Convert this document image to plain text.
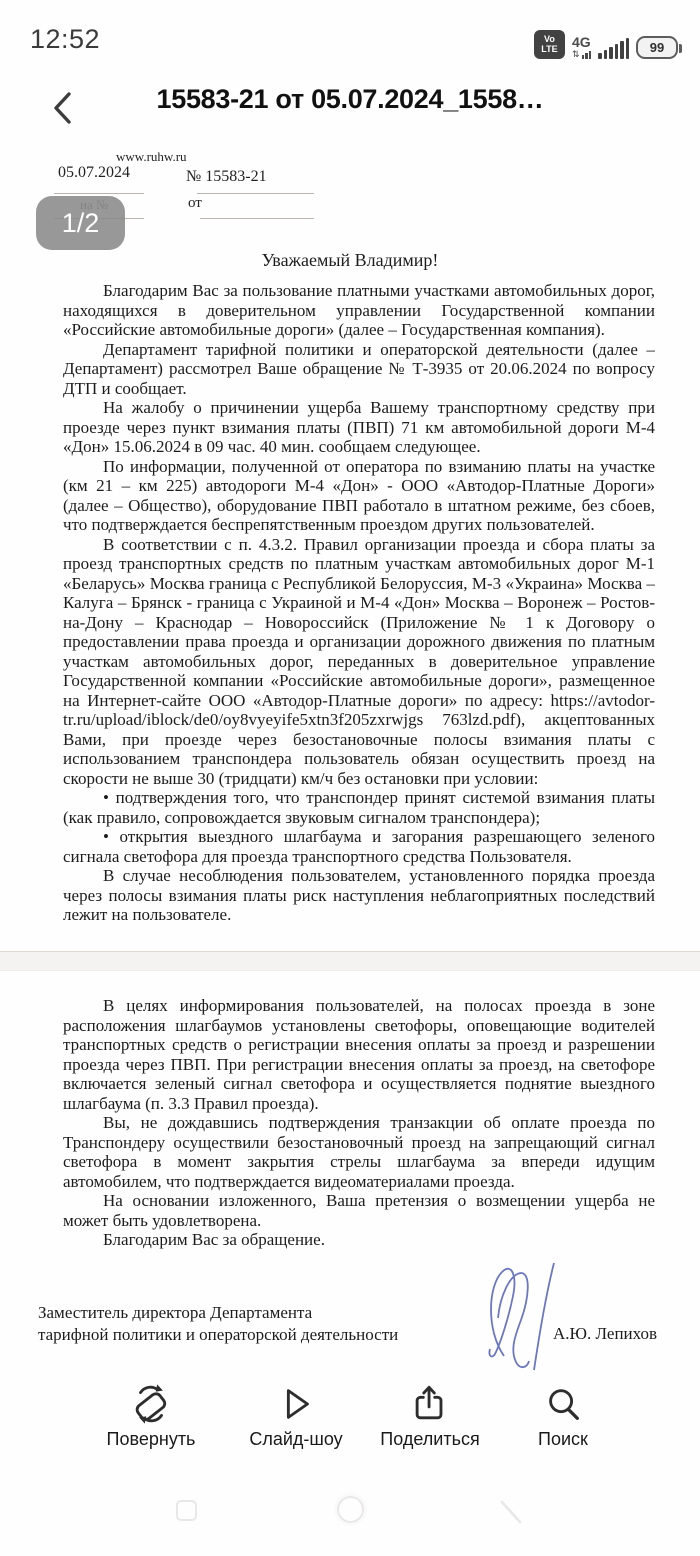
12:52	Vo
LTE	4G
⇅	99
15583-21 от 05.07.2024_1558…
www.ruhw.ru
05.07.2024	№ 15583-21
от
1/2
Уважаемый Владимир!

Благодарим Вас за пользование платными участками автомобильных дорог, находящихся в доверительном управлении Государственной компании «Российские автомобильные дороги» (далее – Государственная компания).

Департамент тарифной политики и операторской деятельности (далее – Департамент) рассмотрел Ваше обращение № Т-3935 от 20.06.2024 по вопросу ДТП и сообщает.

На жалобу о причинении ущерба Вашему транспортному средству при проезде через пункт взимания платы (ПВП) 71 км автомобильной дороги М-4 «Дон» 15.06.2024 в 09 час. 40 мин. сообщаем следующее.

По информации, полученной от оператора по взиманию платы на участке (км 21 – км 225) автодороги М-4 «Дон» - ООО «Автодор-Платные Дороги» (далее – Общество), оборудование ПВП работало в штатном режиме, без сбоев, что подтверждается беспрепятственным проездом других пользователей.

В соответствии с п. 4.3.2. Правил организации проезда и сбора платы за проезд транспортных средств по платным участкам автомобильных дорог М-1 «Беларусь» Москва граница с Республикой Белоруссия, М-3 «Украина» Москва – Калуга – Брянск - граница с Украиной и М-4 «Дон» Москва – Воронеж – Ростов-на-Дону – Краснодар – Новороссийск (Приложение № 1 к Договору о предоставлении права проезда и организации дорожного движения по платным участкам автомобильных дорог, переданных в доверительное управление Государственной компании «Российские автомобильные дороги», размещенное на Интернет-сайте ООО «Автодор-Платные дороги» по адресу: https://avtodor-tr.ru/upload/iblock/de0/oy8vyeyife5xtn3f205zxrwjgs 763lzd.pdf), акцептованных Вами, при проезде через безостановочные полосы взимания платы с использованием транспондера пользователь обязан осуществить проезд на скорости не выше 30 (тридцати) км/ч без остановки при условии:

• подтверждения того, что транспондер принят системой взимания платы (как правило, сопровождается звуковым сигналом транспондера);

• открытия выездного шлагбаума и загорания разрешающего зеленого сигнала светофора для проезда транспортного средства Пользователя.

В случае несоблюдения пользователем, установленного порядка проезда через полосы взимания платы риск наступления неблагоприятных последствий лежит на пользователе.

В целях информирования пользователей, на полосах проезда в зоне расположения шлагбаумов установлены светофоры, оповещающие водителей транспортных средств о регистрации внесения оплаты за проезд и разрешении проезда через ПВП. При регистрации внесения оплаты за проезд, на светофоре включается зеленый сигнал светофора и осуществляется поднятие выездного шлагбаума (п. 3.3 Правил проезда).

Вы, не дождавшись подтверждения транзакции об оплате проезда по Транспондеру осуществили безостановочный проезд на запрещающий сигнал светофора в момент закрытия стрелы шлагбаума за впереди идущим автомобилем, что подтверждается видеоматериалами проезда.

На основании изложенного, Ваша претензия о возмещении ущерба не может быть удовлетворена.

Благодарим Вас за обращение.

Заместитель директора Департамента
тарифной политики и операторской деятельности	А.Ю. Лепихов
Повернуть	Слайд-шоу Поделиться	Поиск
